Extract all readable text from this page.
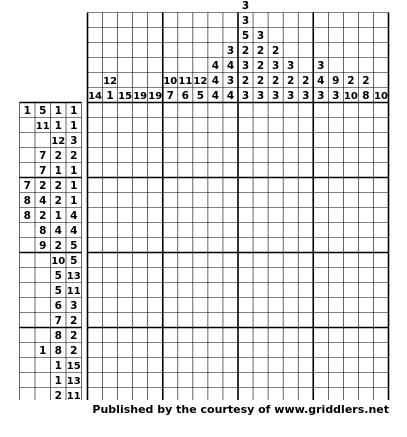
14
12
1 15 19 19
10
7
11
6
12
5
4
4
4
3
4
3
4
3
3
5
2
3
2
3
3
2
2
2
3
2
3
2
3
3
2
3
2
3
3
4
3
9
3
2
10
2
8 10
1 5 1 1
11 1 1
12 3
7 2 2
7 1 1
7 2 2 1
8 4 2 1
8 2 1 4
8 4 4
9 2 5
10 5
5 13
5 11
6 3
7 2
8 2
1 8 2
1 15
1 13
2 11
Published by the courtesy of www.griddlers.net
